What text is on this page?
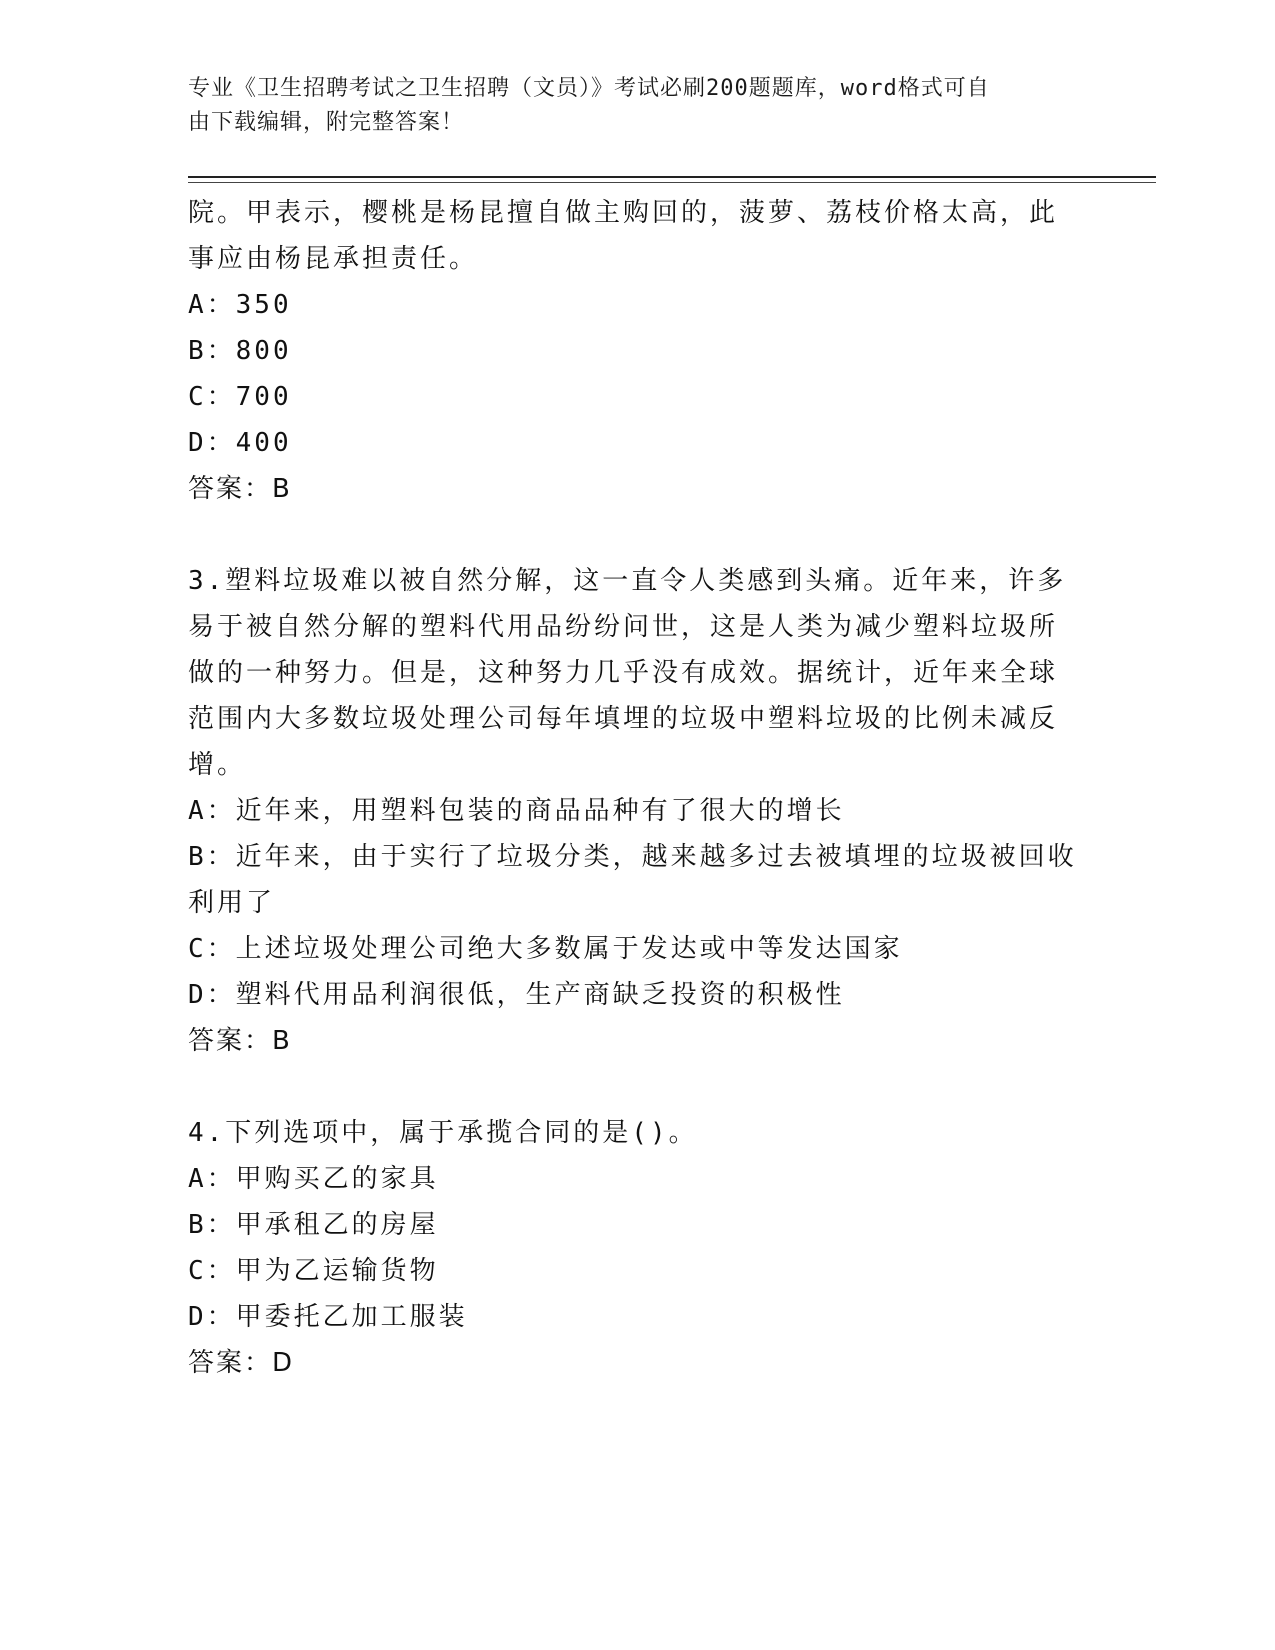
专业《卫生招聘考试之卫生招聘（文员）》考试必刷200题题库，word格式可自
由下载编辑，附完整答案！
院。甲表示，樱桃是杨昆擅自做主购回的，菠萝、荔枝价格太高，此
事应由杨昆承担责任。
A：350
B：800
C：700
D：400
答案：B
3.塑料垃圾难以被自然分解，这一直令人类感到头痛。近年来，许多
易于被自然分解的塑料代用品纷纷问世，这是人类为减少塑料垃圾所
做的一种努力。但是，这种努力几乎没有成效。据统计，近年来全球
范围内大多数垃圾处理公司每年填埋的垃圾中塑料垃圾的比例未减反
增。
A：近年来，用塑料包装的商品品种有了很大的增长
B：近年来，由于实行了垃圾分类，越来越多过去被填埋的垃圾被回收
利用了
C：上述垃圾处理公司绝大多数属于发达或中等发达国家
D：塑料代用品利润很低，生产商缺乏投资的积极性
答案：B
4.下列选项中，属于承揽合同的是()。
A：甲购买乙的家具
B：甲承租乙的房屋
C：甲为乙运输货物
D：甲委托乙加工服装
答案：D
